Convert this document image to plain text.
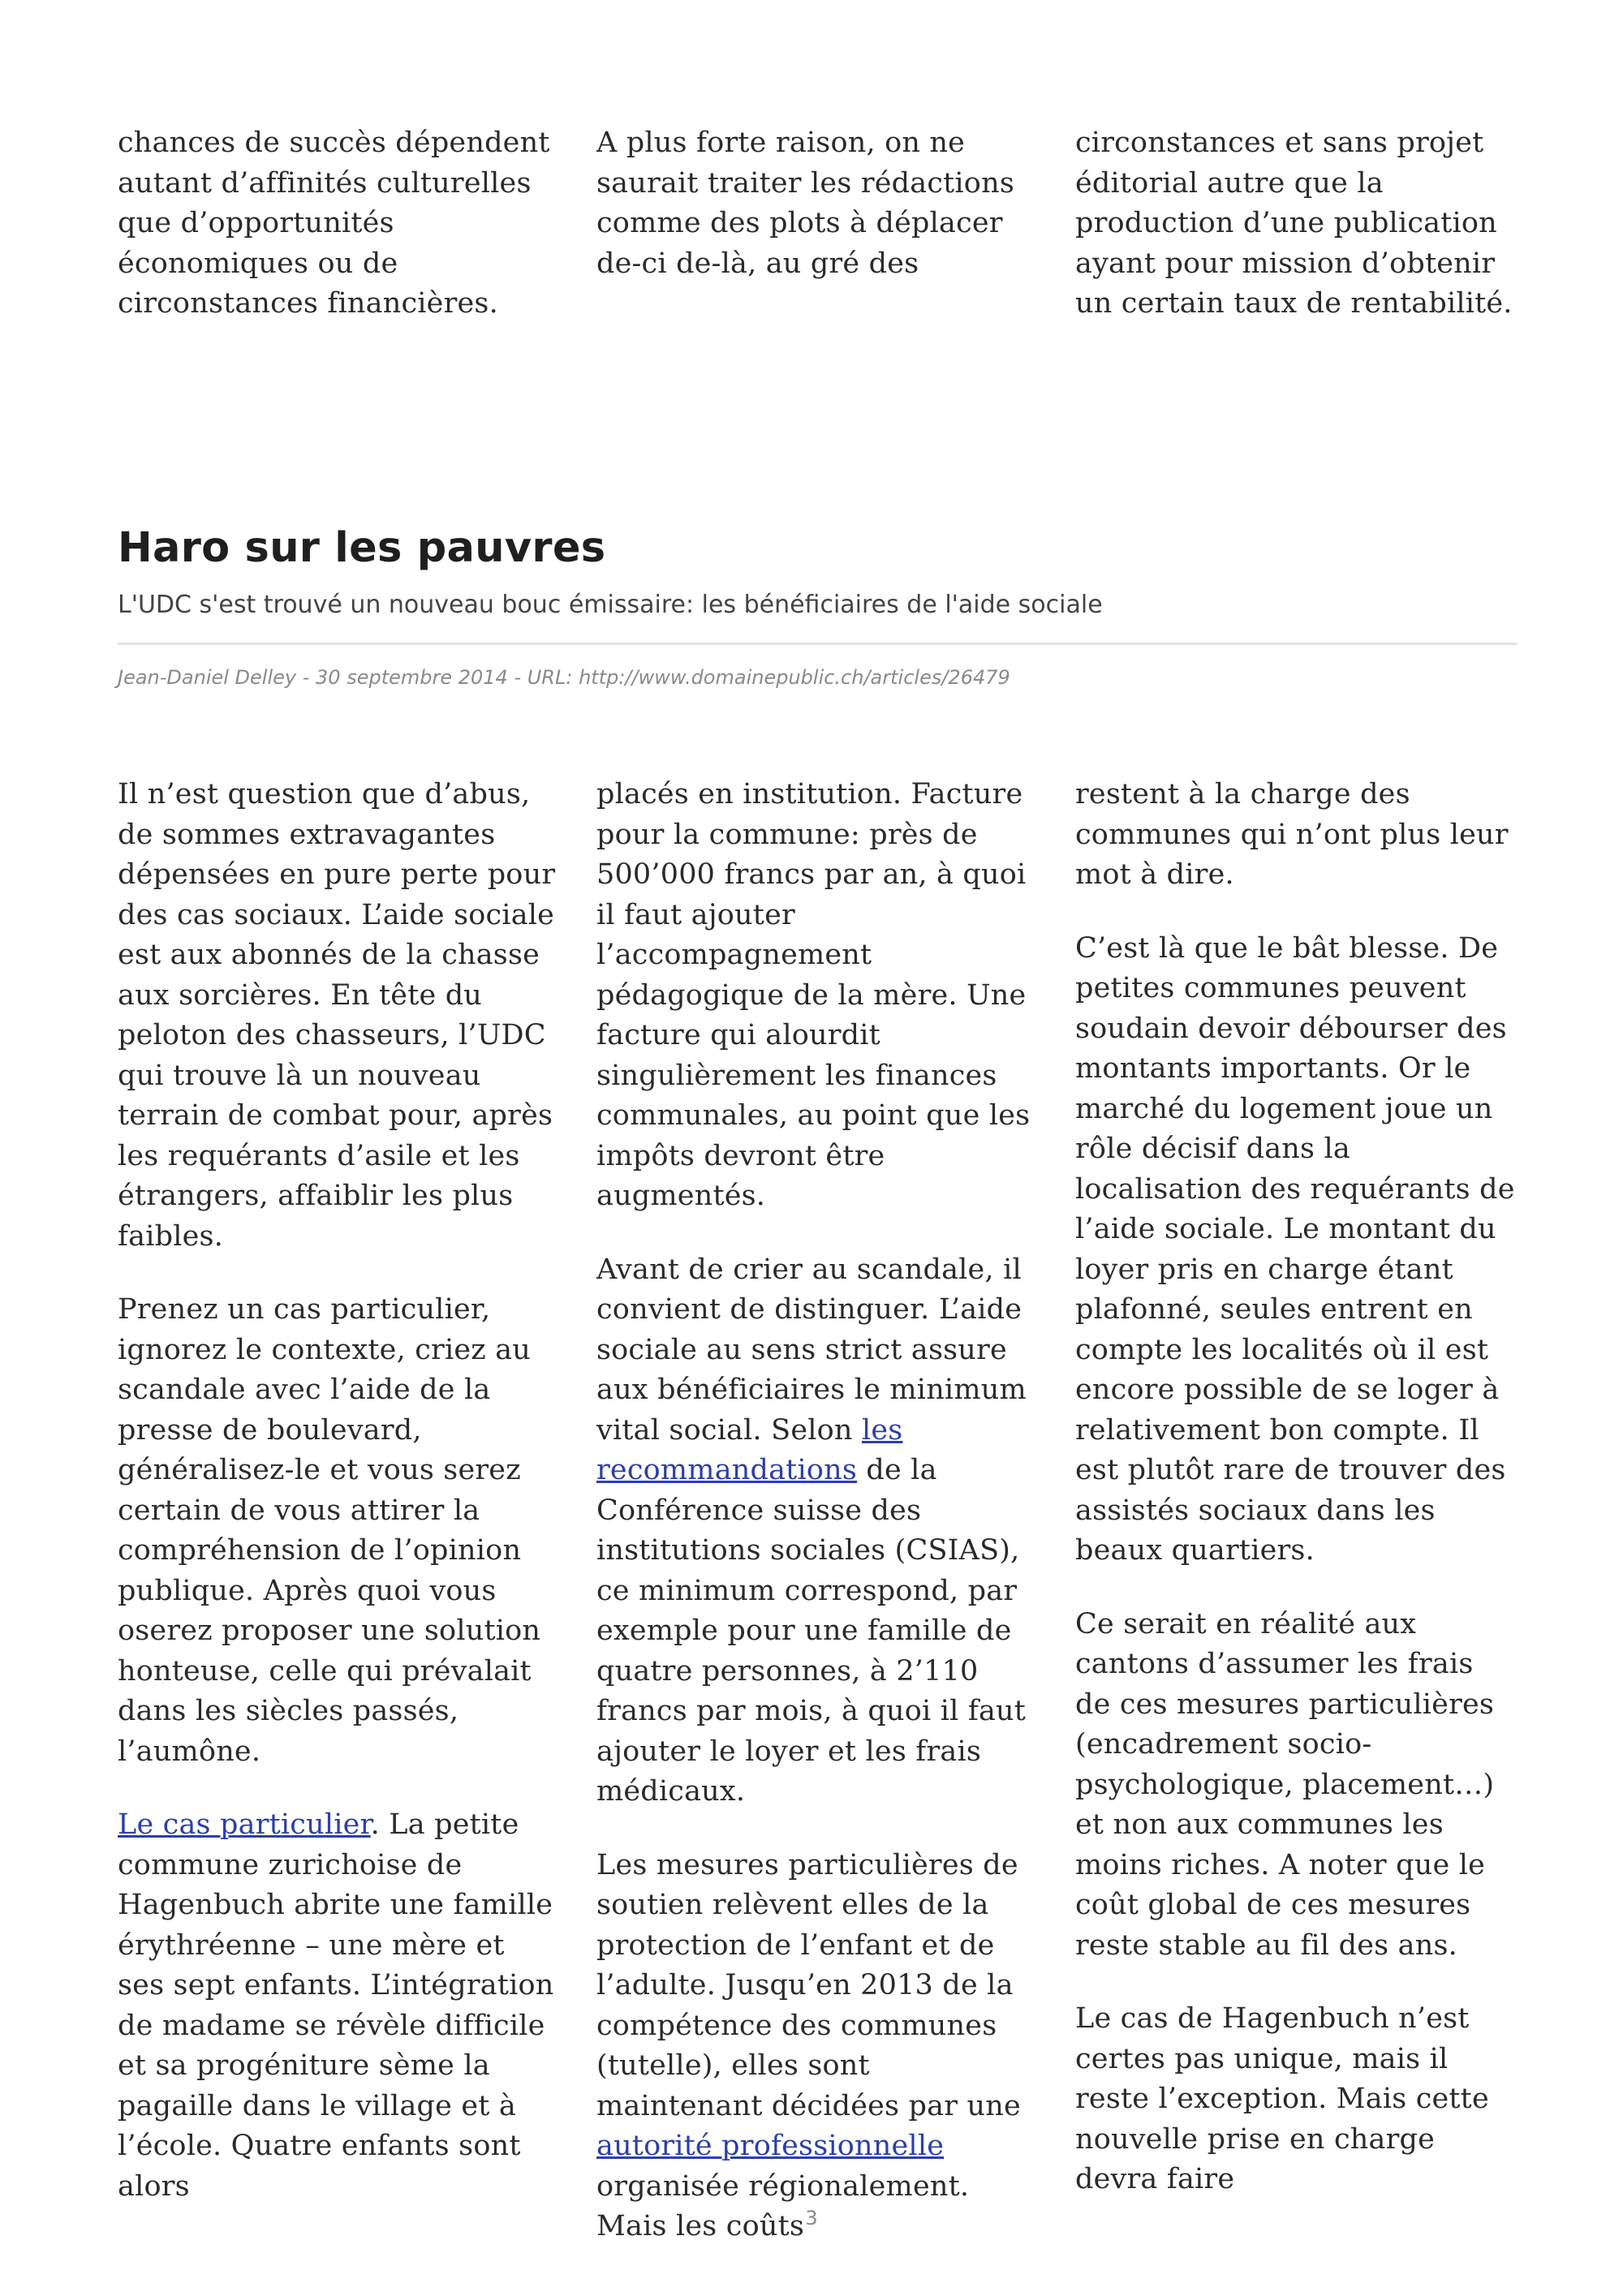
chances de succès dépendent autant d’affinités culturelles que d’opportunités économiques ou de circonstances financières.

A plus forte raison, on ne saurait traiter les rédactions comme des plots à déplacer de-ci de-là, au gré des

circonstances et sans projet éditorial autre que la production d’une publication ayant pour mission d’obtenir un certain taux de rentabilité.

Haro sur les pauvres
L'UDC s'est trouvé un nouveau bouc émissaire: les bénéficiaires de l'aide sociale
Jean-Daniel Delley - 30 septembre 2014 - URL: http://www.domainepublic.ch/articles/26479

Il n’est question que d’abus, de sommes extravagantes dépensées en pure perte pour des cas sociaux. L’aide sociale est aux abonnés de la chasse aux sorcières. En tête du peloton des chasseurs, l’UDC qui trouve là un nouveau terrain de combat pour, après les requérants d’asile et les étrangers, affaiblir les plus faibles.

Prenez un cas particulier, ignorez le contexte, criez au scandale avec l’aide de la presse de boulevard, généralisez-le et vous serez certain de vous attirer la compréhension de l’opinion publique. Après quoi vous oserez proposer une solution honteuse, celle qui prévalait dans les siècles passés, l’aumône.

Le cas particulier. La petite commune zurichoise de Hagenbuch abrite une famille érythréenne – une mère et ses sept enfants. L’intégration de madame se révèle difficile et sa progéniture sème la pagaille dans le village et à l’école. Quatre enfants sont alors

placés en institution. Facture pour la commune: près de 500’000 francs par an, à quoi il faut ajouter l’accompagnement pédagogique de la mère. Une facture qui alourdit singulièrement les finances communales, au point que les impôts devront être augmentés.

Avant de crier au scandale, il convient de distinguer. L’aide sociale au sens strict assure aux bénéficiaires le minimum vital social. Selon les recommandations de la Conférence suisse des institutions sociales (CSIAS), ce minimum correspond, par exemple pour une famille de quatre personnes, à 2’110 francs par mois, à quoi il faut ajouter le loyer et les frais médicaux.

Les mesures particulières de soutien relèvent elles de la protection de l’enfant et de l’adulte. Jusqu’en 2013 de la compétence des communes (tutelle), elles sont maintenant décidées par une autorité professionnelle organisée régionalement. Mais les coûts

restent à la charge des communes qui n’ont plus leur mot à dire.

C’est là que le bât blesse. De petites communes peuvent soudain devoir débourser des montants importants. Or le marché du logement joue un rôle décisif dans la localisation des requérants de l’aide sociale. Le montant du loyer pris en charge étant plafonné, seules entrent en compte les localités où il est encore possible de se loger à relativement bon compte. Il est plutôt rare de trouver des assistés sociaux dans les beaux quartiers.

Ce serait en réalité aux cantons d’assumer les frais de ces mesures particulières (encadrement socio-psychologique, placement…) et non aux communes les moins riches. A noter que le coût global de ces mesures reste stable au fil des ans.

Le cas de Hagenbuch n’est certes pas unique, mais il reste l’exception. Mais cette nouvelle prise en charge devra faire

3
